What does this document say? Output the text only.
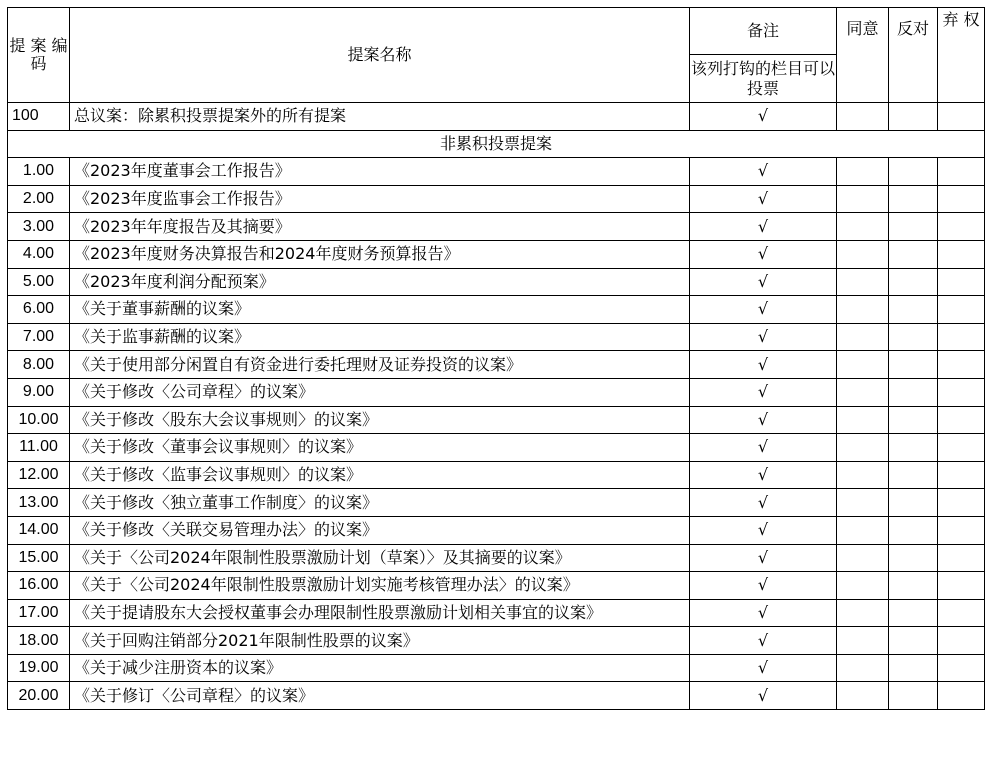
提 案 编码	提案名称	备注	同意	反对	弃 权
		该列打钩的栏目可以投票			
100	总议案：除累积投票提案外的所有提案	√			
非累积投票提案					
1.00	《2023年度董事会工作报告》	√			
2.00	《2023年度监事会工作报告》	√			
3.00	《2023年年度报告及其摘要》	√			
4.00	《2023年度财务决算报告和2024年度财务预算报告》	√			
5.00	《2023年度利润分配预案》	√			
6.00	《关于董事薪酬的议案》	√			
7.00	《关于监事薪酬的议案》	√			
8.00	《关于使用部分闲置自有资金进行委托理财及证券投资的议案》	√			
9.00	《关于修改〈公司章程〉的议案》	√			
10.00	《关于修改〈股东大会议事规则〉的议案》	√			
11.00	《关于修改〈董事会议事规则〉的议案》	√			
12.00	《关于修改〈监事会议事规则〉的议案》	√			
13.00	《关于修改〈独立董事工作制度〉的议案》	√			
14.00	《关于修改〈关联交易管理办法〉的议案》	√			
15.00	《关于〈公司2024年限制性股票激励计划（草案）〉及其摘要的议案》	√			
16.00	《关于〈公司2024年限制性股票激励计划实施考核管理办法〉的议案》	√			
17.00	《关于提请股东大会授权董事会办理限制性股票激励计划相关事宜的议案》	√			
18.00	《关于回购注销部分2021年限制性股票的议案》	√			
19.00	《关于减少注册资本的议案》	√			
20.00	《关于修订〈公司章程〉的议案》	√			
